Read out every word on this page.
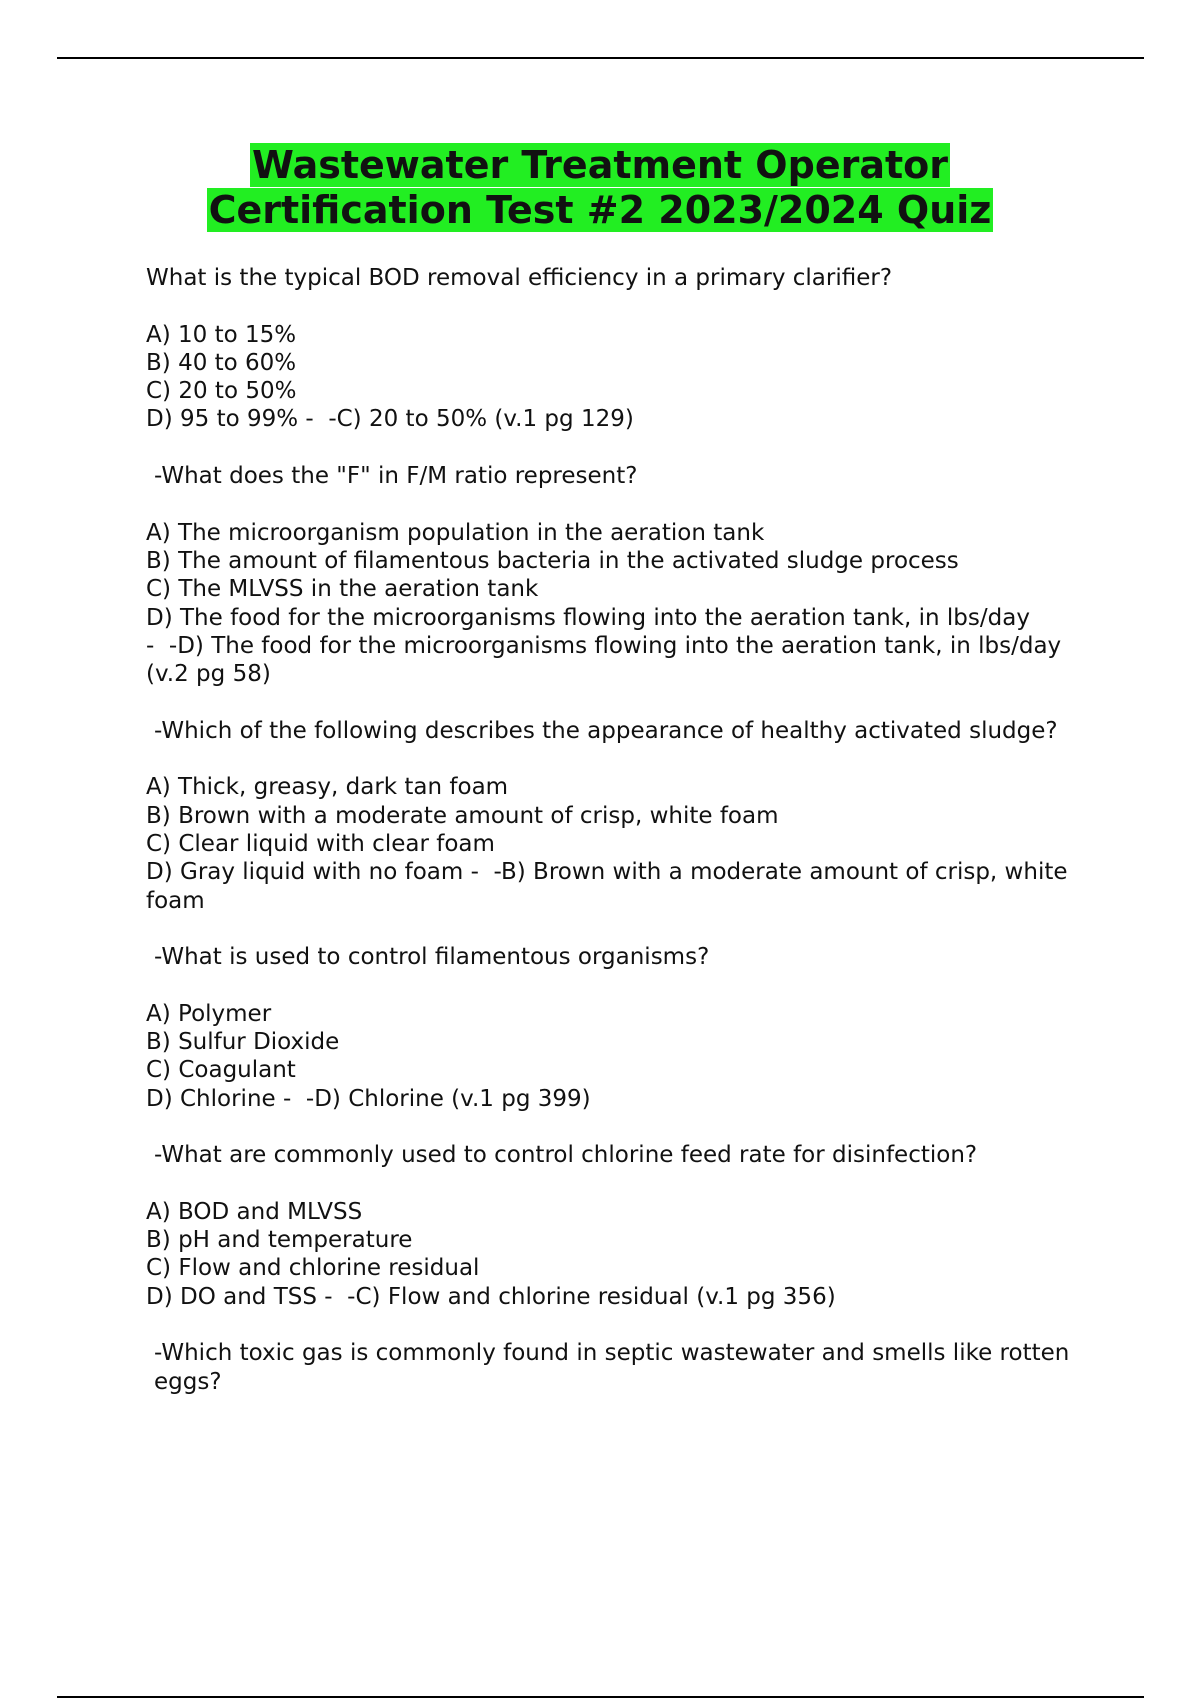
Wastewater Treatment Operator
Certification Test #2 2023/2024 Quiz

What is the typical BOD removal efficiency in a primary clarifier?

A) 10 to 15%

B) 40 to 60%

C) 20 to 50%

D) 95 to 99% -  -C) 20 to 50% (v.1 pg 129)

-What does the "F" in F/M ratio represent?

A) The microorganism population in the aeration tank

B) The amount of filamentous bacteria in the activated sludge process

C) The MLVSS in the aeration tank

D) The food for the microorganisms flowing into the aeration tank, in lbs/day

-  -D) The food for the microorganisms flowing into the aeration tank, in lbs/day (v.2 pg 58)

-Which of the following describes the appearance of healthy activated sludge?

A) Thick, greasy, dark tan foam

B) Brown with a moderate amount of crisp, white foam

C) Clear liquid with clear foam

D) Gray liquid with no foam -  -B) Brown with a moderate amount of crisp, white foam

-What is used to control filamentous organisms?

A) Polymer

B) Sulfur Dioxide

C) Coagulant

D) Chlorine -  -D) Chlorine (v.1 pg 399)

-What are commonly used to control chlorine feed rate for disinfection?

A) BOD and MLVSS

B) pH and temperature

C) Flow and chlorine residual

D) DO and TSS -  -C) Flow and chlorine residual (v.1 pg 356)

-Which toxic gas is commonly found in septic wastewater and smells like rotten eggs?
